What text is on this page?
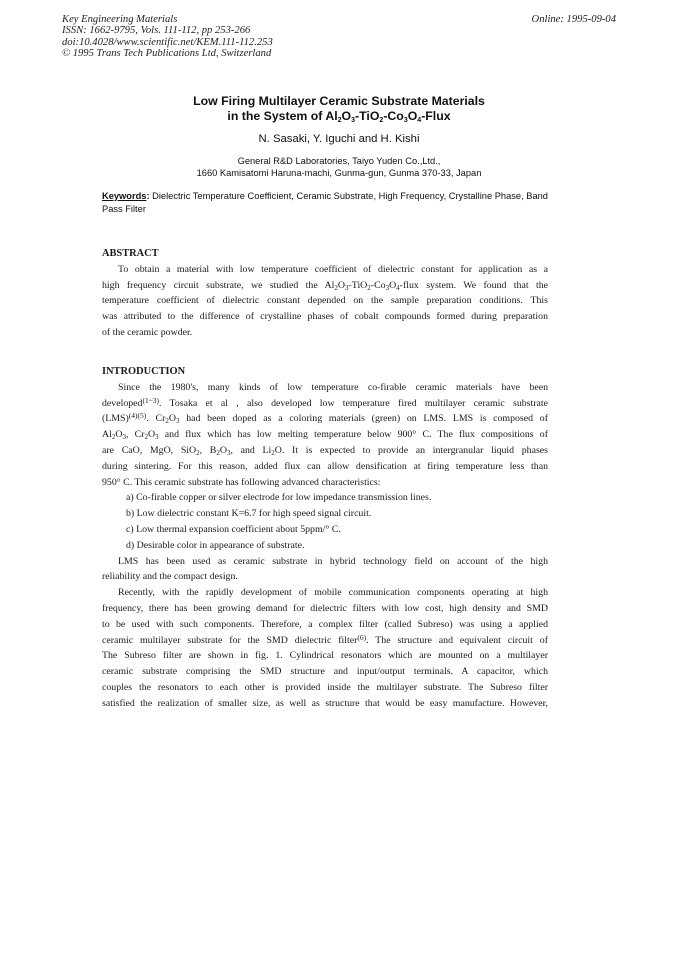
Key Engineering Materials
ISSN: 1662-9795, Vols. 111-112, pp 253-266
doi:10.4028/www.scientific.net/KEM.111-112.253
© 1995 Trans Tech Publications Ltd, Switzerland
Online: 1995-09-04
Low Firing Multilayer Ceramic Substrate Materials
in the System of $Al_2O_3-TiO_2-Co_3O_4$-Flux
N. Sasaki, Y. Iguchi and H. Kishi
General R&D Laboratories, Taiyo Yuden Co.,Ltd.,
1660 Kamisatomi Haruna-machi, Gunma-gun, Gunma 370-33, Japan
Keywords: Dielectric Temperature Coefficient, Ceramic Substrate, High Frequency, Crystalline Phase, Band Pass Filter
ABSTRACT
To obtain a material with low temperature coefficient of dielectric constant for application as a
high frequency circuit substrate, we studied the $Al_2O_3-TiO_2-Co_3O_4$-flux system. We found that the
temperature coefficient of dielectric constant depended on the sample preparation conditions. This
was attributed to the difference of crystalline phases of cobalt compounds formed during preparation
of the ceramic powder.
INTRODUCTION
Since the 1980's, many kinds of low temperature co-firable ceramic materials have been
developed$^{(1\sim 3)}$. Tosaka et al , also developed low temperature fired multilayer ceramic substrate
(LMS)$^{(4)(5)}$. $Cr_2O_3$ had been doped as a coloring materials (green) on LMS. LMS is composed of
$Al_2O_3$, $Cr_2O_3$ and flux which has low melting temperature below 900° C. The flux compositions of
are CaO, MgO, SiO$_2$, $B_2O_3$, and $Li_2O$. It is expected to provide an intergranular liquid phases
during sintering. For this reason, added flux can allow densification at firing temperature less than
950° C. This ceramic substrate has following advanced characteristics:
a) Co-firable copper or silver electrode for low impedance transmission lines.
b) Low dielectric constant K=6.7 for high speed signal circuit.
c) Low thermal expansion coefficient about 5ppm/° C.
d) Desirable color in appearance of substrate.
LMS has been used as ceramic substrate in hybrid technology field on account of the high
reliability and the compact design.
Recently, with the rapidly development of mobile communication components operating at high
frequency, there has been growing demand for dielectric filters with low cost, high density and SMD
to be used with such components. Therefore, a complex filter (called Subreso) was using a applied
ceramic multilayer substrate for the SMD dielectric filter$^{(6)}$. The structure and equivalent circuit of
The Subreso filter are shown in fig. 1. Cylindrical resonators which are mounted on a multilayer
ceramic substrate comprising the SMD structure and input/output terminals. A capacitor, which
couples the resonators to each other is provided inside the multilayer substrate. The Subreso filter
satisfied the realization of smaller size, as well as structure that would be easy manufacture. However,
